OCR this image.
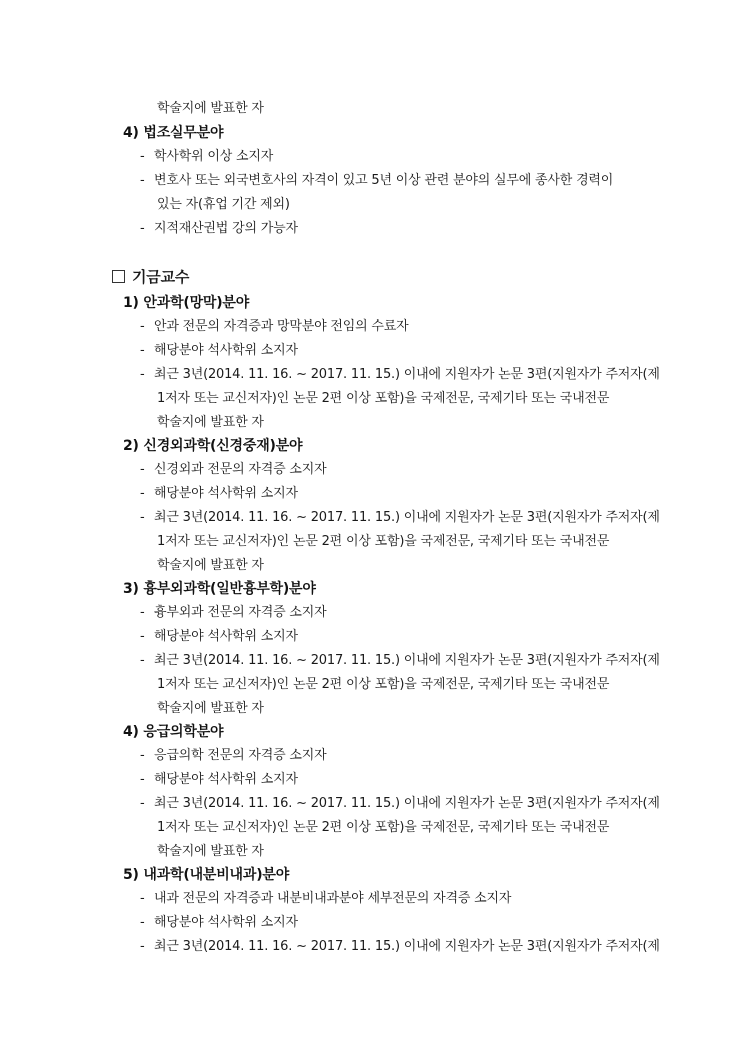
학술지에 발표한 자
4) 법조실무분야
- 학사학위 이상 소지자
- 변호사 또는 외국변호사의 자격이 있고 5년 이상 관련 분야의 실무에 종사한 경력이
있는 자(휴업 기간 제외)
- 지적재산권법 강의 가능자
기금교수
1) 안과학(망막)분야
- 안과 전문의 자격증과 망막분야 전임의 수료자
- 해당분야 석사학위 소지자
- 최근 3년(2014. 11. 16. ~ 2017. 11. 15.) 이내에 지원자가 논문 3편(지원자가 주저자(제
1저자 또는 교신저자)인 논문 2편 이상 포함)을 국제전문, 국제기타 또는 국내전문
학술지에 발표한 자
2) 신경외과학(신경중재)분야
- 신경외과 전문의 자격증 소지자
- 해당분야 석사학위 소지자
- 최근 3년(2014. 11. 16. ~ 2017. 11. 15.) 이내에 지원자가 논문 3편(지원자가 주저자(제
1저자 또는 교신저자)인 논문 2편 이상 포함)을 국제전문, 국제기타 또는 국내전문
학술지에 발표한 자
3) 흉부외과학(일반흉부학)분야
- 흉부외과 전문의 자격증 소지자
- 해당분야 석사학위 소지자
- 최근 3년(2014. 11. 16. ~ 2017. 11. 15.) 이내에 지원자가 논문 3편(지원자가 주저자(제
1저자 또는 교신저자)인 논문 2편 이상 포함)을 국제전문, 국제기타 또는 국내전문
학술지에 발표한 자
4) 응급의학분야
- 응급의학 전문의 자격증 소지자
- 해당분야 석사학위 소지자
- 최근 3년(2014. 11. 16. ~ 2017. 11. 15.) 이내에 지원자가 논문 3편(지원자가 주저자(제
1저자 또는 교신저자)인 논문 2편 이상 포함)을 국제전문, 국제기타 또는 국내전문
학술지에 발표한 자
5) 내과학(내분비내과)분야
- 내과 전문의 자격증과 내분비내과분야 세부전문의 자격증 소지자
- 해당분야 석사학위 소지자
- 최근 3년(2014. 11. 16. ~ 2017. 11. 15.) 이내에 지원자가 논문 3편(지원자가 주저자(제
